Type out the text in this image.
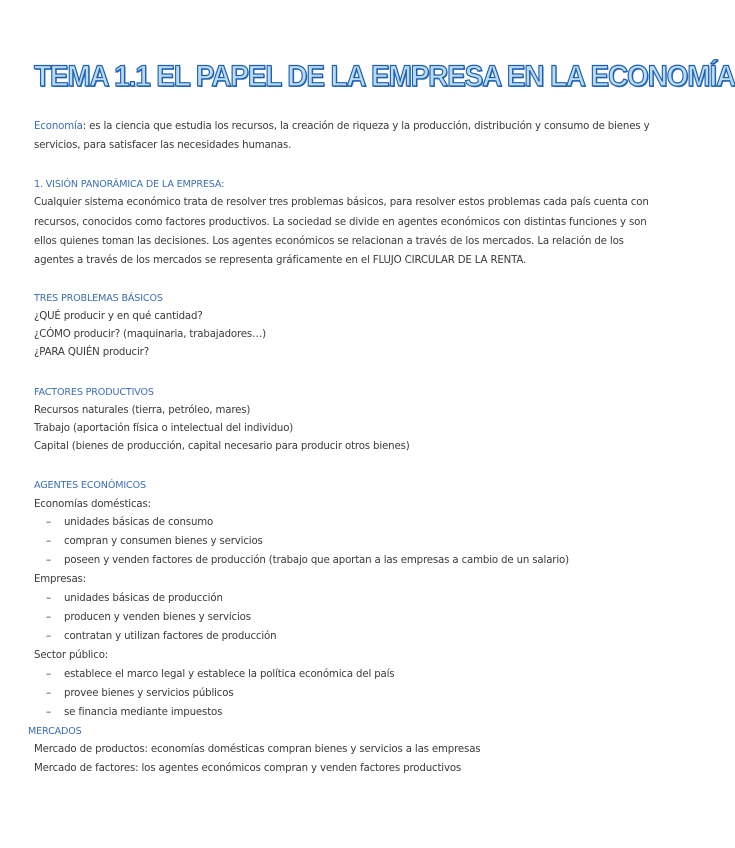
TEMA 1.1 EL PAPEL DE LA EMPRESA EN LA ECONOMÍA
Economía: es la ciencia que estudia los recursos, la creación de riqueza y la producción, distribución y consumo de bienes y
servicios, para satisfacer las necesidades humanas.
1. VISIÓN PANORÁMICA DE LA EMPRESA:
Cualquier sistema económico trata de resolver tres problemas básicos, para resolver estos problemas cada país cuenta con
recursos, conocidos como factores productivos. La sociedad se divide en agentes económicos con distintas funciones y son
ellos quienes toman las decisiones. Los agentes económicos se relacionan a través de los mercados. La relación de los
agentes a través de los mercados se representa gráficamente en el FLUJO CIRCULAR DE LA RENTA.
TRES PROBLEMAS BÁSICOS
¿QUÉ producir y en qué cantidad?
¿CÓMO producir? (maquinaria, trabajadores…)
¿PARA QUIÉN producir?
FACTORES PRODUCTIVOS
Recursos naturales (tierra, petróleo, mares)
Trabajo (aportación física o intelectual del individuo)
Capital (bienes de producción, capital necesario para producir otros bienes)
AGENTES ECONÓMICOS
Economías domésticas:
– unidades básicas de consumo
– compran y consumen bienes y servicios
– poseen y venden factores de producción (trabajo que aportan a las empresas a cambio de un salario)
Empresas:
– unidades básicas de producción
– producen y venden bienes y servicios
– contratan y utilizan factores de producción
Sector público:
– establece el marco legal y establece la política económica del país
– provee bienes y servicios públicos
– se financia mediante impuestos
MERCADOS
Mercado de productos: economías domésticas compran bienes y servicios a las empresas
Mercado de factores: los agentes económicos compran y venden factores productivos
